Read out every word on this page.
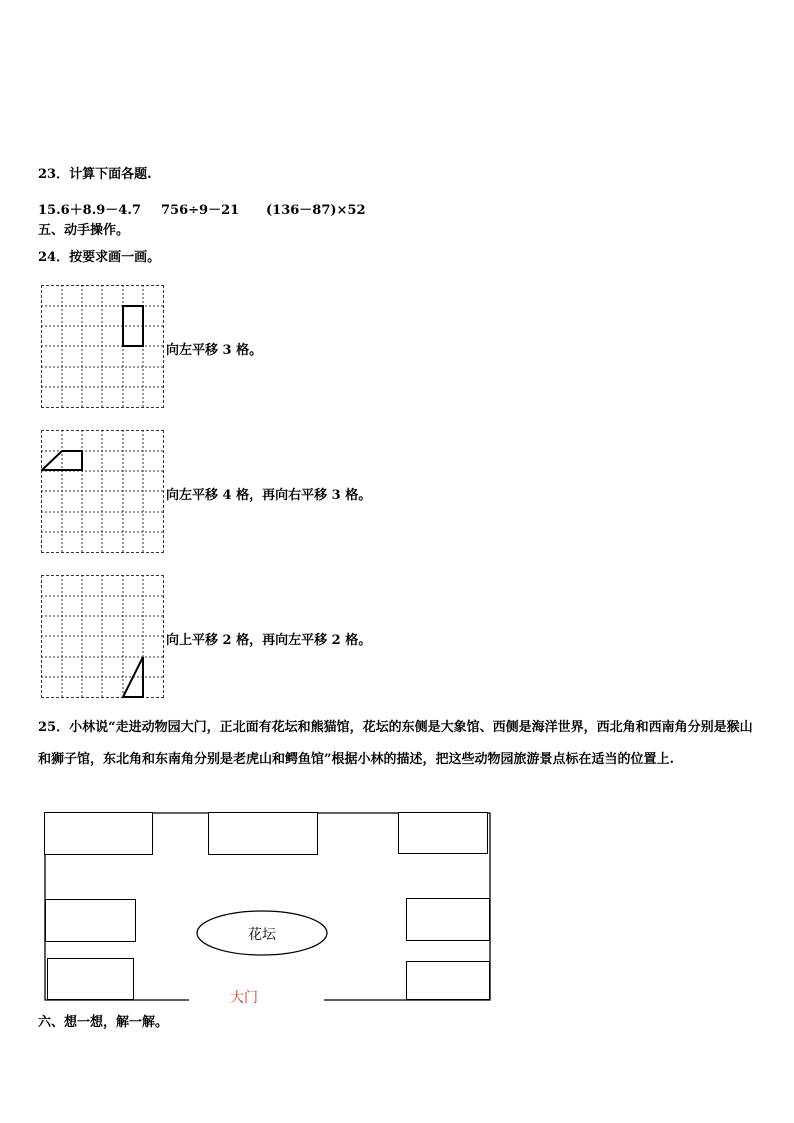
23．计算下面各题.
15.6＋8.9－4.7 756÷9－21 (136－87)×52
五、动手操作。
24．按要求画一画。
向左平移 3 格。
向左平移 4 格，再向右平移 3 格。
向上平移 2 格，再向左平移 2 格。
25．小林说“走进动物园大门，正北面有花坛和熊猫馆，花坛的东侧是大象馆、西侧是海洋世界，西北角和西南角分别是猴山和狮子馆，东北角和东南角分别是老虎山和鳄鱼馆”根据小林的描述，把这些动物园旅游景点标在适当的位置上.
花坛
大门
六、想一想，解一解。
